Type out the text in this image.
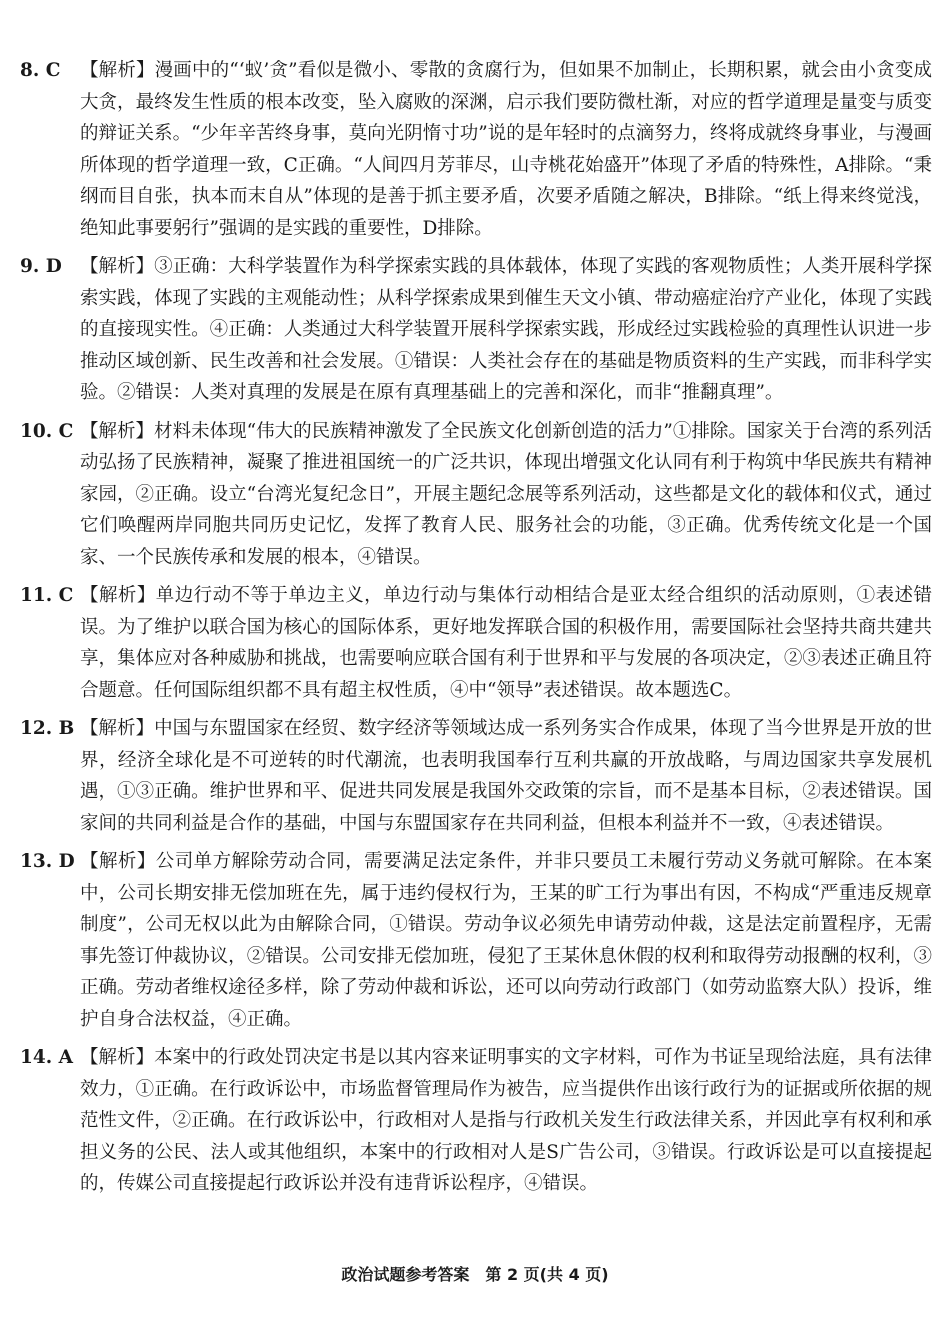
8. C	【解析】漫画中的“‘蚁’贪”看似是微小、零散的贪腐行为，但如果不加制止，长期积累，就会由小贪变成大贪，最终发生性质的根本改变，坠入腐败的深渊，启示我们要防微杜渐，对应的哲学道理是量变与质变的辩证关系。“少年辛苦终身事，莫向光阴惰寸功”说的是年轻时的点滴努力，终将成就终身事业，与漫画所体现的哲学道理一致，C正确。“人间四月芳菲尽，山寺桃花始盛开”体现了矛盾的特殊性，A排除。“秉纲而目自张，执本而末自从”体现的是善于抓主要矛盾，次要矛盾随之解决，B排除。“纸上得来终觉浅，绝知此事要躬行”强调的是实践的重要性，D排除。
9. D 【解析】③正确：大科学装置作为科学探索实践的具体载体，体现了实践的客观物质性；人类开展科学探索实践，体现了实践的主观能动性；从科学探索成果到催生天文小镇、带动癌症治疗产业化，体现了实践的直接现实性。④正确：人类通过大科学装置开展科学探索实践，形成经过实践检验的真理性认识进一步推动区域创新、民生改善和社会发展。①错误：人类社会存在的基础是物质资料的生产实践，而非科学实验。②错误：人类对真理的发展是在原有真理基础上的完善和深化，而非“推翻真理”。
10. C 【解析】材料未体现“伟大的民族精神激发了全民族文化创新创造的活力”①排除。国家关于台湾的系列活动弘扬了民族精神，凝聚了推进祖国统一的广泛共识，体现出增强文化认同有利于构筑中华民族共有精神家园，②正确。设立“台湾光复纪念日”，开展主题纪念展等系列活动，这些都是文化的载体和仪式，通过它们唤醒两岸同胞共同历史记忆，发挥了教育人民、服务社会的功能，③正确。优秀传统文化是一个国家、一个民族传承和发展的根本，④错误。
11. C 【解析】单边行动不等于单边主义，单边行动与集体行动相结合是亚太经合组织的活动原则，①表述错误。为了维护以联合国为核心的国际体系，更好地发挥联合国的积极作用，需要国际社会坚持共商共建共享，集体应对各种威胁和挑战，也需要响应联合国有利于世界和平与发展的各项决定，②③表述正确且符合题意。任何国际组织都不具有超主权性质，④中“领导”表述错误。故本题选C。
12. B 【解析】中国与东盟国家在经贸、数字经济等领域达成一系列务实合作成果，体现了当今世界是开放的世界，经济全球化是不可逆转的时代潮流，也表明我国奉行互利共赢的开放战略，与周边国家共享发展机遇，①③正确。维护世界和平、促进共同发展是我国外交政策的宗旨，而不是基本目标，②表述错误。国家间的共同利益是合作的基础，中国与东盟国家存在共同利益，但根本利益并不一致，④表述错误。
13. D 【解析】公司单方解除劳动合同，需要满足法定条件，并非只要员工未履行劳动义务就可解除。在本案中，公司长期安排无偿加班在先，属于违约侵权行为，王某的旷工行为事出有因，不构成“严重违反规章制度”，公司无权以此为由解除合同，①错误。劳动争议必须先申请劳动仲裁，这是法定前置程序，无需事先签订仲裁协议，②错误。公司安排无偿加班，侵犯了王某休息休假的权利和取得劳动报酬的权利，③正确。劳动者维权途径多样，除了劳动仲裁和诉讼，还可以向劳动行政部门（如劳动监察大队）投诉，维护自身合法权益，④正确。
14. A 【解析】本案中的行政处罚决定书是以其内容来证明事实的文字材料，可作为书证呈现给法庭，具有法律效力，①正确。在行政诉讼中，市场监督管理局作为被告，应当提供作出该行政行为的证据或所依据的规范性文件，②正确。在行政诉讼中，行政相对人是指与行政机关发生行政法律关系，并因此享有权利和承担义务的公民、法人或其他组织，本案中的行政相对人是S广告公司，③错误。行政诉讼是可以直接提起的，传媒公司直接提起行政诉讼并没有违背诉讼程序，④错误。
政治试题参考答案　第 2 页(共 4 页)
